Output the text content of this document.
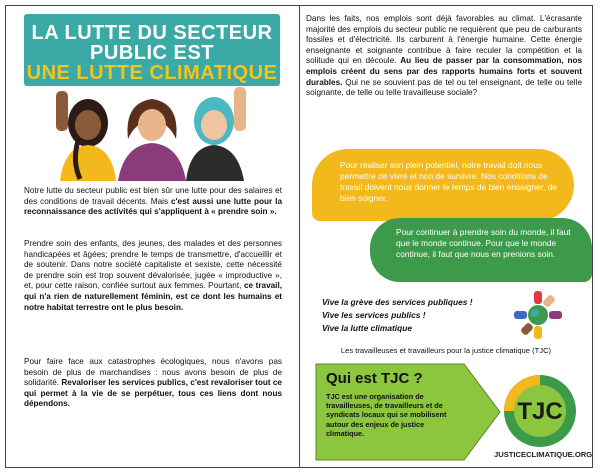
LA LUTTE DU SECTEUR
PUBLIC EST
UNE LUTTE CLIMATIQUE
Notre lutte du secteur public est bien sûr une lutte pour des salaires et des conditions de travail décents. Mais c'est aussi une lutte pour la reconnaissance des activités qui s'appliquent à « prendre soin ».
Prendre soin des enfants, des jeunes, des malades et des personnes handicapées et âgées; prendre le temps de transmettre, d'accueillir et de soutenir. Dans notre société capitaliste et sexiste, cette nécessité de prendre soin est trop souvent dévalorisée, jugée « improductive », et, pour cette raison, confiée surtout aux femmes. Pourtant, ce travail, qui n'a rien de naturellement féminin, est ce dont les humains et notre habitat terrestre ont le plus besoin.
Pour faire face aux catastrophes écologiques, nous n'avons pas besoin de plus de marchandises : nous avons besoin de plus de solidarité. Revaloriser les services publics, c'est revaloriser tout ce qui permet à la vie de se perpétuer, tous ces liens dont nous dépendons.
Dans les faits, nos emplois sont déjà favorables au climat. L'écrasante majorité des emplois du secteur public ne requièrent que peu de carburants fossiles et d'électricité. Ils carburent à l'énergie humaine. Cette énergie enseignante et soignante contribue à faire reculer la compétition et la solitude qui en découle. Au lieu de passer par la consommation, nos emplois créent du sens par des rapports humains forts et souvent durables. Qui ne se souvient pas de tel ou tel enseignant, de telle ou telle soignante, de telle ou telle travailleuse sociale?
Pour réaliser son plein potentiel, notre travail doit nous permettre de vivre et non de survivre. Nos conditions de travail doivent nous donner le temps de bien enseigner, de bien soigner.
Pour continuer à prendre soin du monde, il faut que le monde continue. Pour que le monde continue, il faut que nous en prenions soin.
Vive la grève des services publiques !
Vive les services publics !
Vive la lutte climatique
Les travailleuses et travailleurs pour la justice climatique (TJC)
Qui est TJC ?
TJC est une organisation de travailleuses, de travailleurs et de syndicats locaux qui se mobilisent autour des enjeux de justice climatique.
TJC
JUSTICECLIMATIQUE.ORG
